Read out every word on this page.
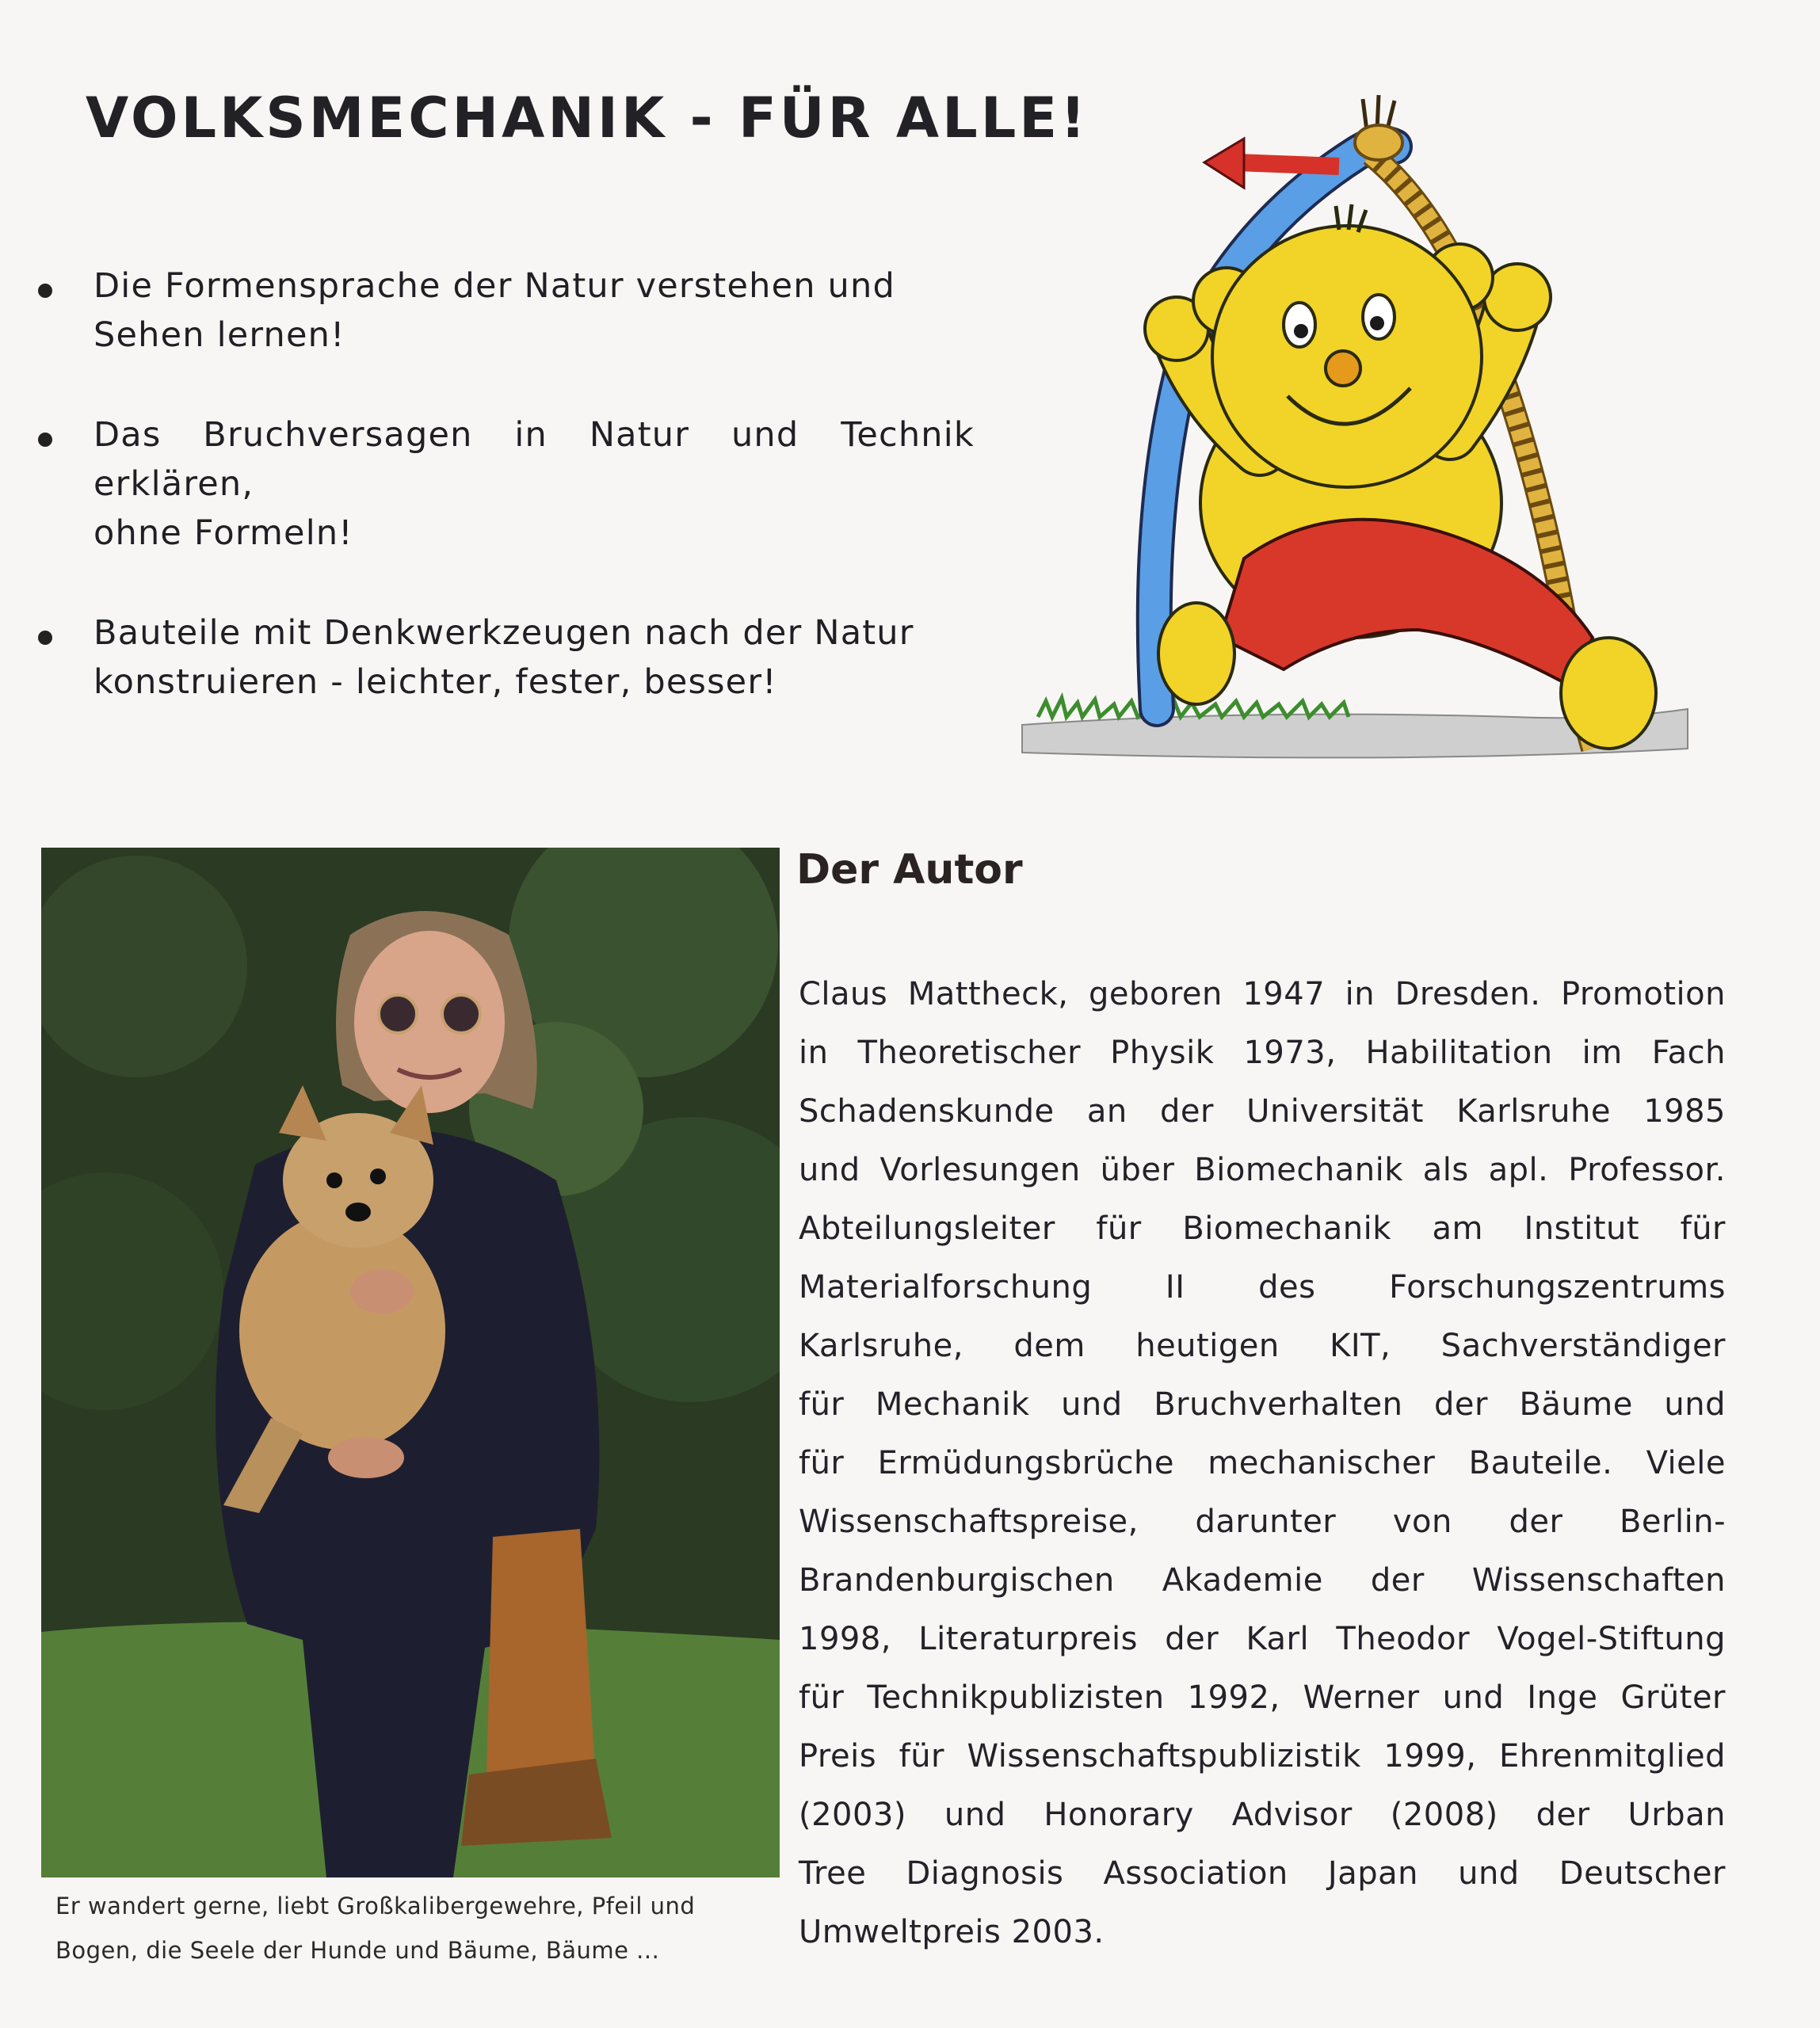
VOLKSMECHANIK - FÜR ALLE!
Die Formensprache der Natur verstehen und
Sehen lernen!
Das Bruchversagen in Natur und Technik erklären,
ohne Formeln!
Bauteile mit Denkwerkzeugen nach der Natur
konstruieren - leichter, fester, besser!
Er wandert gerne, liebt Großkalibergewehre, Pfeil und
Bogen, die Seele der Hunde und Bäume, Bäume ...
Der Autor
Claus Mattheck, geboren 1947 in Dresden. Promotion
in Theoretischer Physik 1973, Habilitation im Fach
Schadenskunde an der Universität Karlsruhe 1985
und Vorlesungen über Biomechanik als apl. Professor.
Abteilungsleiter für Biomechanik am Institut für
Materialforschung II des Forschungszentrums
Karlsruhe, dem heutigen KIT, Sachverständiger
für Mechanik und Bruchverhalten der Bäume und
für Ermüdungsbrüche mechanischer Bauteile. Viele
Wissenschaftspreise, darunter von der Berlin-
Brandenburgischen Akademie der Wissenschaften
1998, Literaturpreis der Karl Theodor Vogel-Stiftung
für Technikpublizisten 1992, Werner und Inge Grüter
Preis für Wissenschaftspublizistik 1999, Ehrenmitglied
(2003) und Honorary Advisor (2008) der Urban
Tree Diagnosis Association Japan und Deutscher
Umweltpreis 2003.
